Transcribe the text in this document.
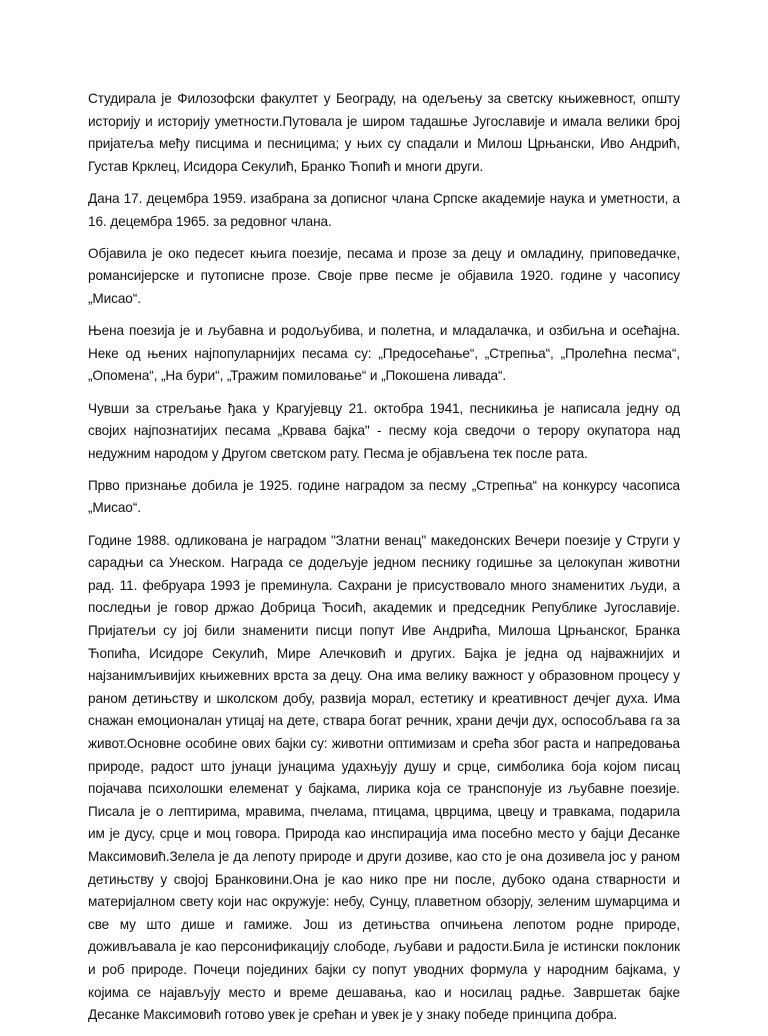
Студирала је Филозофски факултет у Београду, на одељењу за светску књижевност, општу историју и историју уметности.Путовала је широм тадашње Југославије и имала велики број пријатеља међу писцима и песницима; у њих су спадали и Милош Црњански, Иво Андрић, Густав Крклец, Исидора Секулић, Бранко Ћопић и многи други.

Дана 17. децембра 1959. изабрана за дописног члана Српске академије наука и уметности, а 16. децембра 1965. за редовног члана.

Објавила је око педесет књига поезије, песама и прозе за децу и омладину, приповедачке, романсијерске и путописне прозе. Своје прве песме је објавила 1920. године у часопису „Мисао“.

Њена поезија је и љубавна и родољубива, и полетна, и младалачка, и озбиљна и осећајна. Неке од њених најпопуларнијих песама су: „Предосећање“, „Стрепња“, „Пролећна песма“, „Опомена“, „На бури“, „Тражим помиловање“ и „Покошена ливада“.

Чувши за стрељање ђака у Крагујевцу 21. октобра 1941, песникиња је написала једну од својих најпознатијих песама „Крвава бајка" - песму која сведочи о терору окупатора над недужним народом у Другом светском рату. Песма је објављена тек после рата.

Прво признање добила је 1925. године наградом за песму „Стрепња“ на конкурсу часописа „Мисао“.

Године 1988. одликована је наградом "Златни венац" македонских Вечери поезије у Струги у сарадњи са Унеском. Награда се додељује једном песнику годишње за целокупан животни рад. 11. фебруара 1993 је преминула. Сахрани је присуствовало много знаменитих људи, а последњи је говор држао Добрица Ћосић, академик и председник Републике Југославије. Пријатељи су јој били знаменити писци попут Иве Андрића, Милоша Црњанског, Бранка Ћопића, Исидоре Секулић, Мире Алечковић и других. Бајка је једна од најважнијих и најзанимљивијих књижевних врста за децу. Она има велику важност у образовном процесу у раном детињству и школском добу, развија морал, естетику и креативност дечјег духа. Има снажан емоционалан утицај на дете, ствара богат речник, храни дечји дух, оспособљава га за живот.Основне особине ових бајки су: животни оптимизам и срећа због раста и напредовања природе, радост што јунаци јунацима удахњују душу и срце, симболика боја којом писац појачава психолошки елеменат у бајкама, лирика која се транспонује из љубавне поезије. Писала је о лептирима, мравима, пчелама, птицама, цврцима, цвецу и травкама, подарила им је дусу, срце и моц говора. Природа као инспирација има посебно место у бајци Десанке Максимовић.Зелела је да лепоту природе и други дозиве, као сто је она дозивела јос у раном детињству у својој Бранковини.Она је као нико пре ни после, дубоко одана стварности и материјалном свету који нас окружује: небу, Сунцу, плаветном обзорју, зеленим шумарцима и све му што дише и гамиже. Још из детињства опчињена лепотом родне природе, доживљавала је као персонификацију слободе, љубави и радости.Била је истински поклоник и роб природе. Почеци појединих бајки су попут уводних формула у народним бајкама, у којима се најављују место и време дешавања, као и носилац радње. Завршетак бајке Десанке Максимовић готово увек је срећан и увек је у знаку победе принципа добра.
